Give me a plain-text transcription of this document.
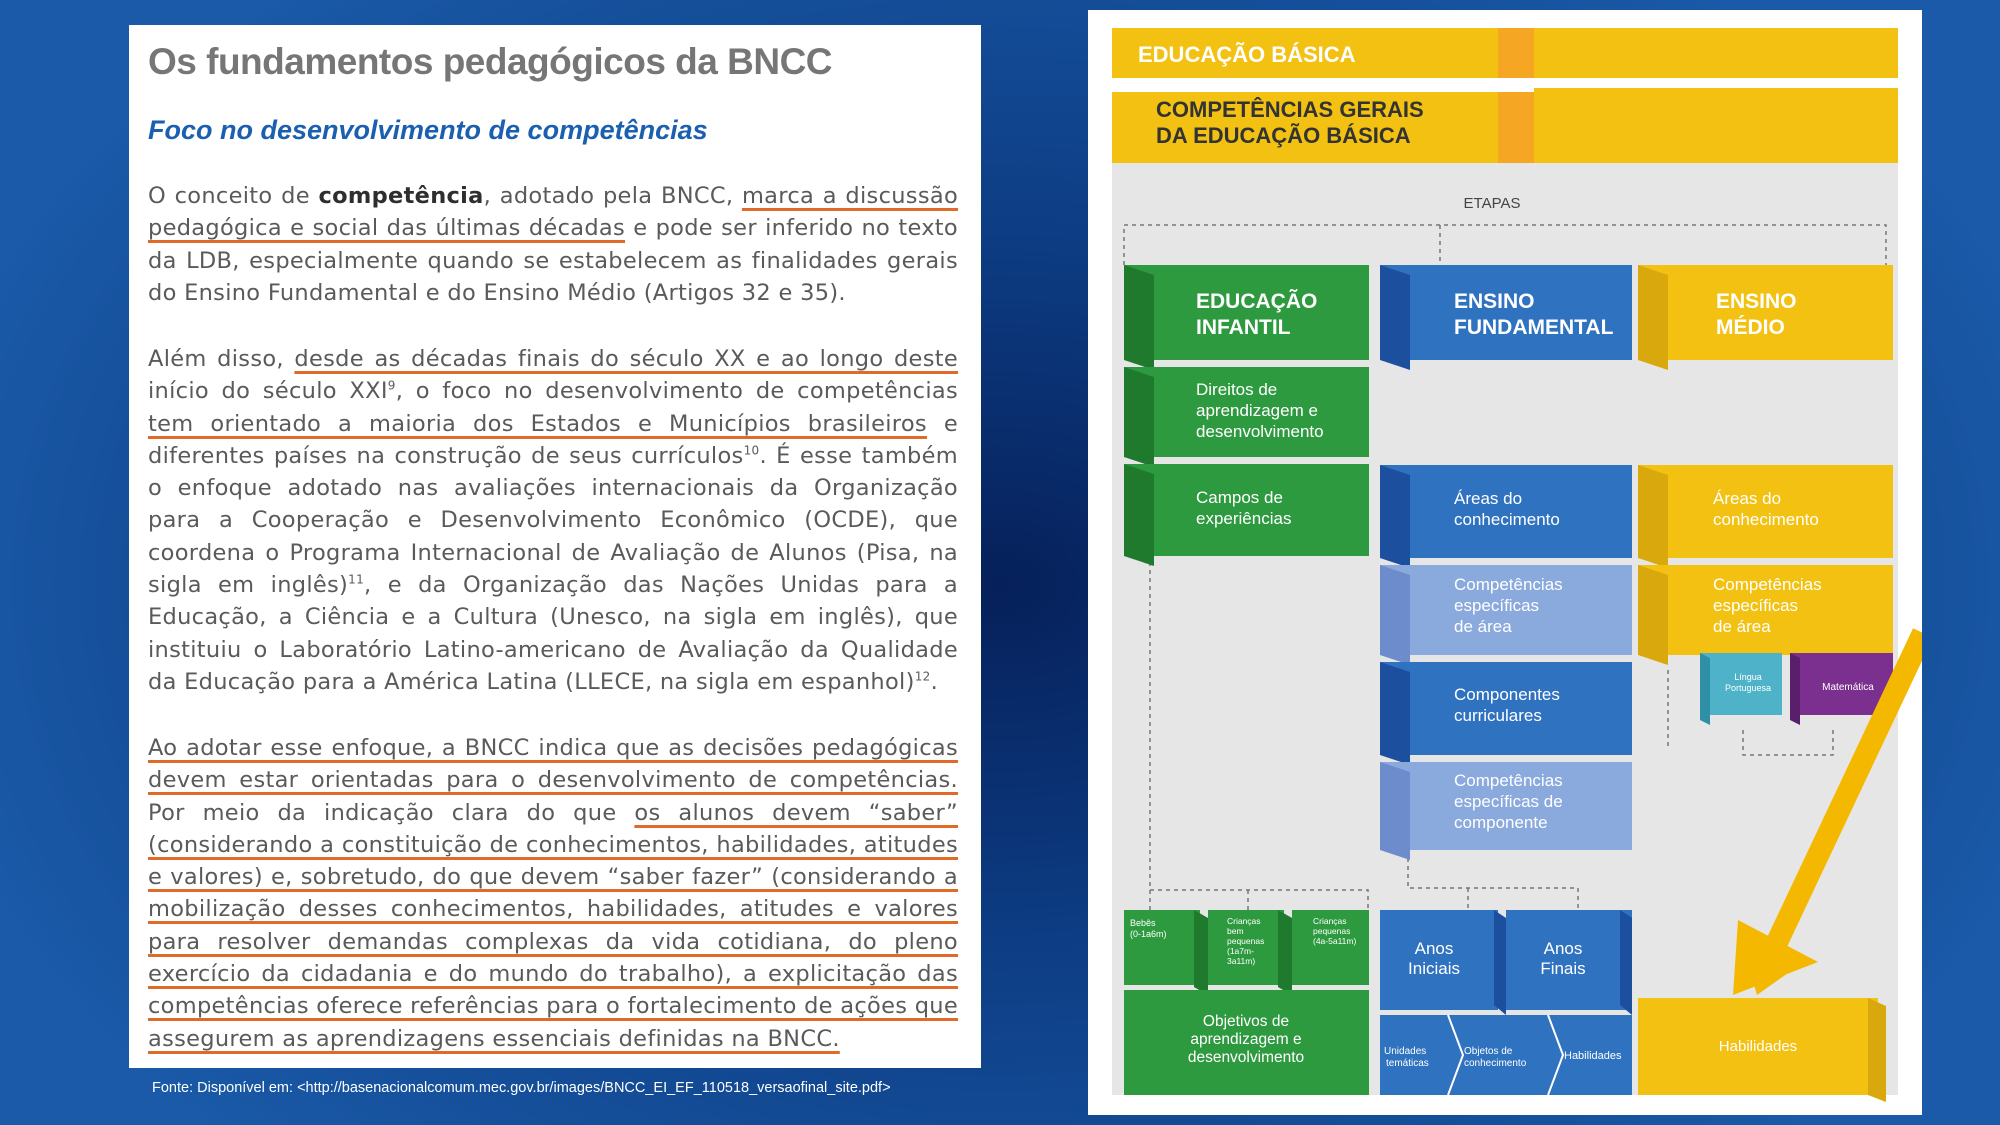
Os fundamentos pedagógicos da BNCC
Foco no desenvolvimento de competências

O conceito de competência, adotado pela BNCC, marca a discussão pedagógica e social das últimas décadas e pode ser inferido no texto da LDB, especialmente quando se estabelecem as finalidades gerais do Ensino Fundamental e do Ensino Médio (Artigos 32 e 35).

Além disso, desde as décadas finais do século XX e ao longo deste início do século XXI$^9$, o foco no desenvolvimento de competências tem orientado a maioria dos Estados e Municípios brasileiros e diferentes países na construção de seus currículos$^{10}$. É esse também o enfoque adotado nas avaliações internacionais da Organização para a Cooperação e Desenvolvimento Econômico (OCDE), que coordena o Programa Internacional de Avaliação de Alunos (Pisa, na sigla em inglês)$^{11}$, e da Organização das Nações Unidas para a Educação, a Ciência e a Cultura (Unesco, na sigla em inglês), que instituiu o Laboratório Latino-americano de Avaliação da Qualidade da Educação para a América Latina (LLECE, na sigla em espanhol)$^{12}$.

Ao adotar esse enfoque, a BNCC indica que as decisões pedagógicas devem estar orientadas para o desenvolvimento de competências. Por meio da indicação clara do que os alunos devem “saber” (considerando a constituição de conhecimentos, habilidades, atitudes e valores) e, sobretudo, do que devem “saber fazer” (considerando a mobilização desses conhecimentos, habilidades, atitudes e valores para resolver demandas complexas da vida cotidiana, do pleno exercício da cidadania e do mundo do trabalho), a explicitação das competências oferece referências para o fortalecimento de ações que assegurem as aprendizagens essenciais definidas na BNCC.

Fonte: Disponível em: <http://basenacionalcomum.mec.gov.br/images/BNCC_EI_EF_110518_versaofinal_site.pdf>
EDUCAÇÃO BÁSICA
COMPETÊNCIAS GERAIS
DA EDUCAÇÃO BÁSICA
ETAPAS
EDUCAÇÃO
INFANTIL
Direitos de
aprendizagem e
desenvolvimento
Campos de
experiências
Bebês
(0-1a6m)
Crianças
bem
pequenas
(1a7m-
3a11m)
Crianças
pequenas
(4a-5a11m)
Objetivos de
aprendizagem e
desenvolvimento
ENSINO
FUNDAMENTAL
Áreas do
conhecimento
Competências
específicas
de área
Componentes
curriculares
Competências
específicas de
componente
Anos
Iniciais
Anos
Finais
Unidades
temáticas
Objetos de
conhecimento
Habilidades
ENSINO
MÉDIO
Áreas do
conhecimento
Competências
específicas
de área
Língua
Portuguesa	Matemática
Habilidades
